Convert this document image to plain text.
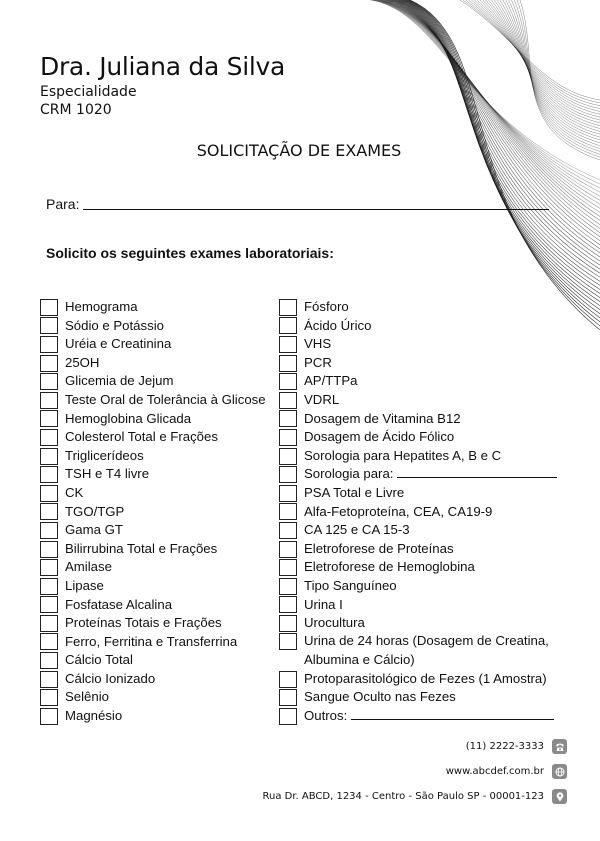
Dra. Juliana da Silva
Especialidade
CRM 1020
SOLICITAÇÃO DE EXAMES
Para:
Solicito os seguintes exames laboratoriais:
Hemograma
Sódio e Potássio
Uréia e Creatinina
25OH
Glicemia de Jejum
Teste Oral de Tolerância à Glicose
Hemoglobina Glicada
Colesterol Total e Frações
Triglicerídeos
TSH e T4 livre
CK
TGO/TGP
Gama GT
Bilirrubina Total e Frações
Amilase
Lipase
Fosfatase Alcalina
Proteínas Totais e Frações
Ferro, Ferritina e Transferrina
Cálcio Total
Cálcio Ionizado
Selênio
Magnésio
Fósforo
Ácido Úrico
VHS
PCR
AP/TTPa
VDRL
Dosagem de Vitamina B12
Dosagem de Ácido Fólico
Sorologia para Hepatites A, B e C
Sorologia para:
PSA Total e Livre
Alfa-Fetoproteína, CEA, CA19-9
CA 125 e CA 15-3
Eletroforese de Proteínas
Eletroforese de Hemoglobina
Tipo Sanguíneo
Urina I
Urocultura
Urina de 24 horas (Dosagem de Creatina, Albumina e Cálcio)
Protoparasitológico de Fezes (1 Amostra)
Sangue Oculto nas Fezes
Outros:
(11) 2222-3333
www.abcdef.com.br
Rua Dr. ABCD, 1234 - Centro - São Paulo SP - 00001-123
